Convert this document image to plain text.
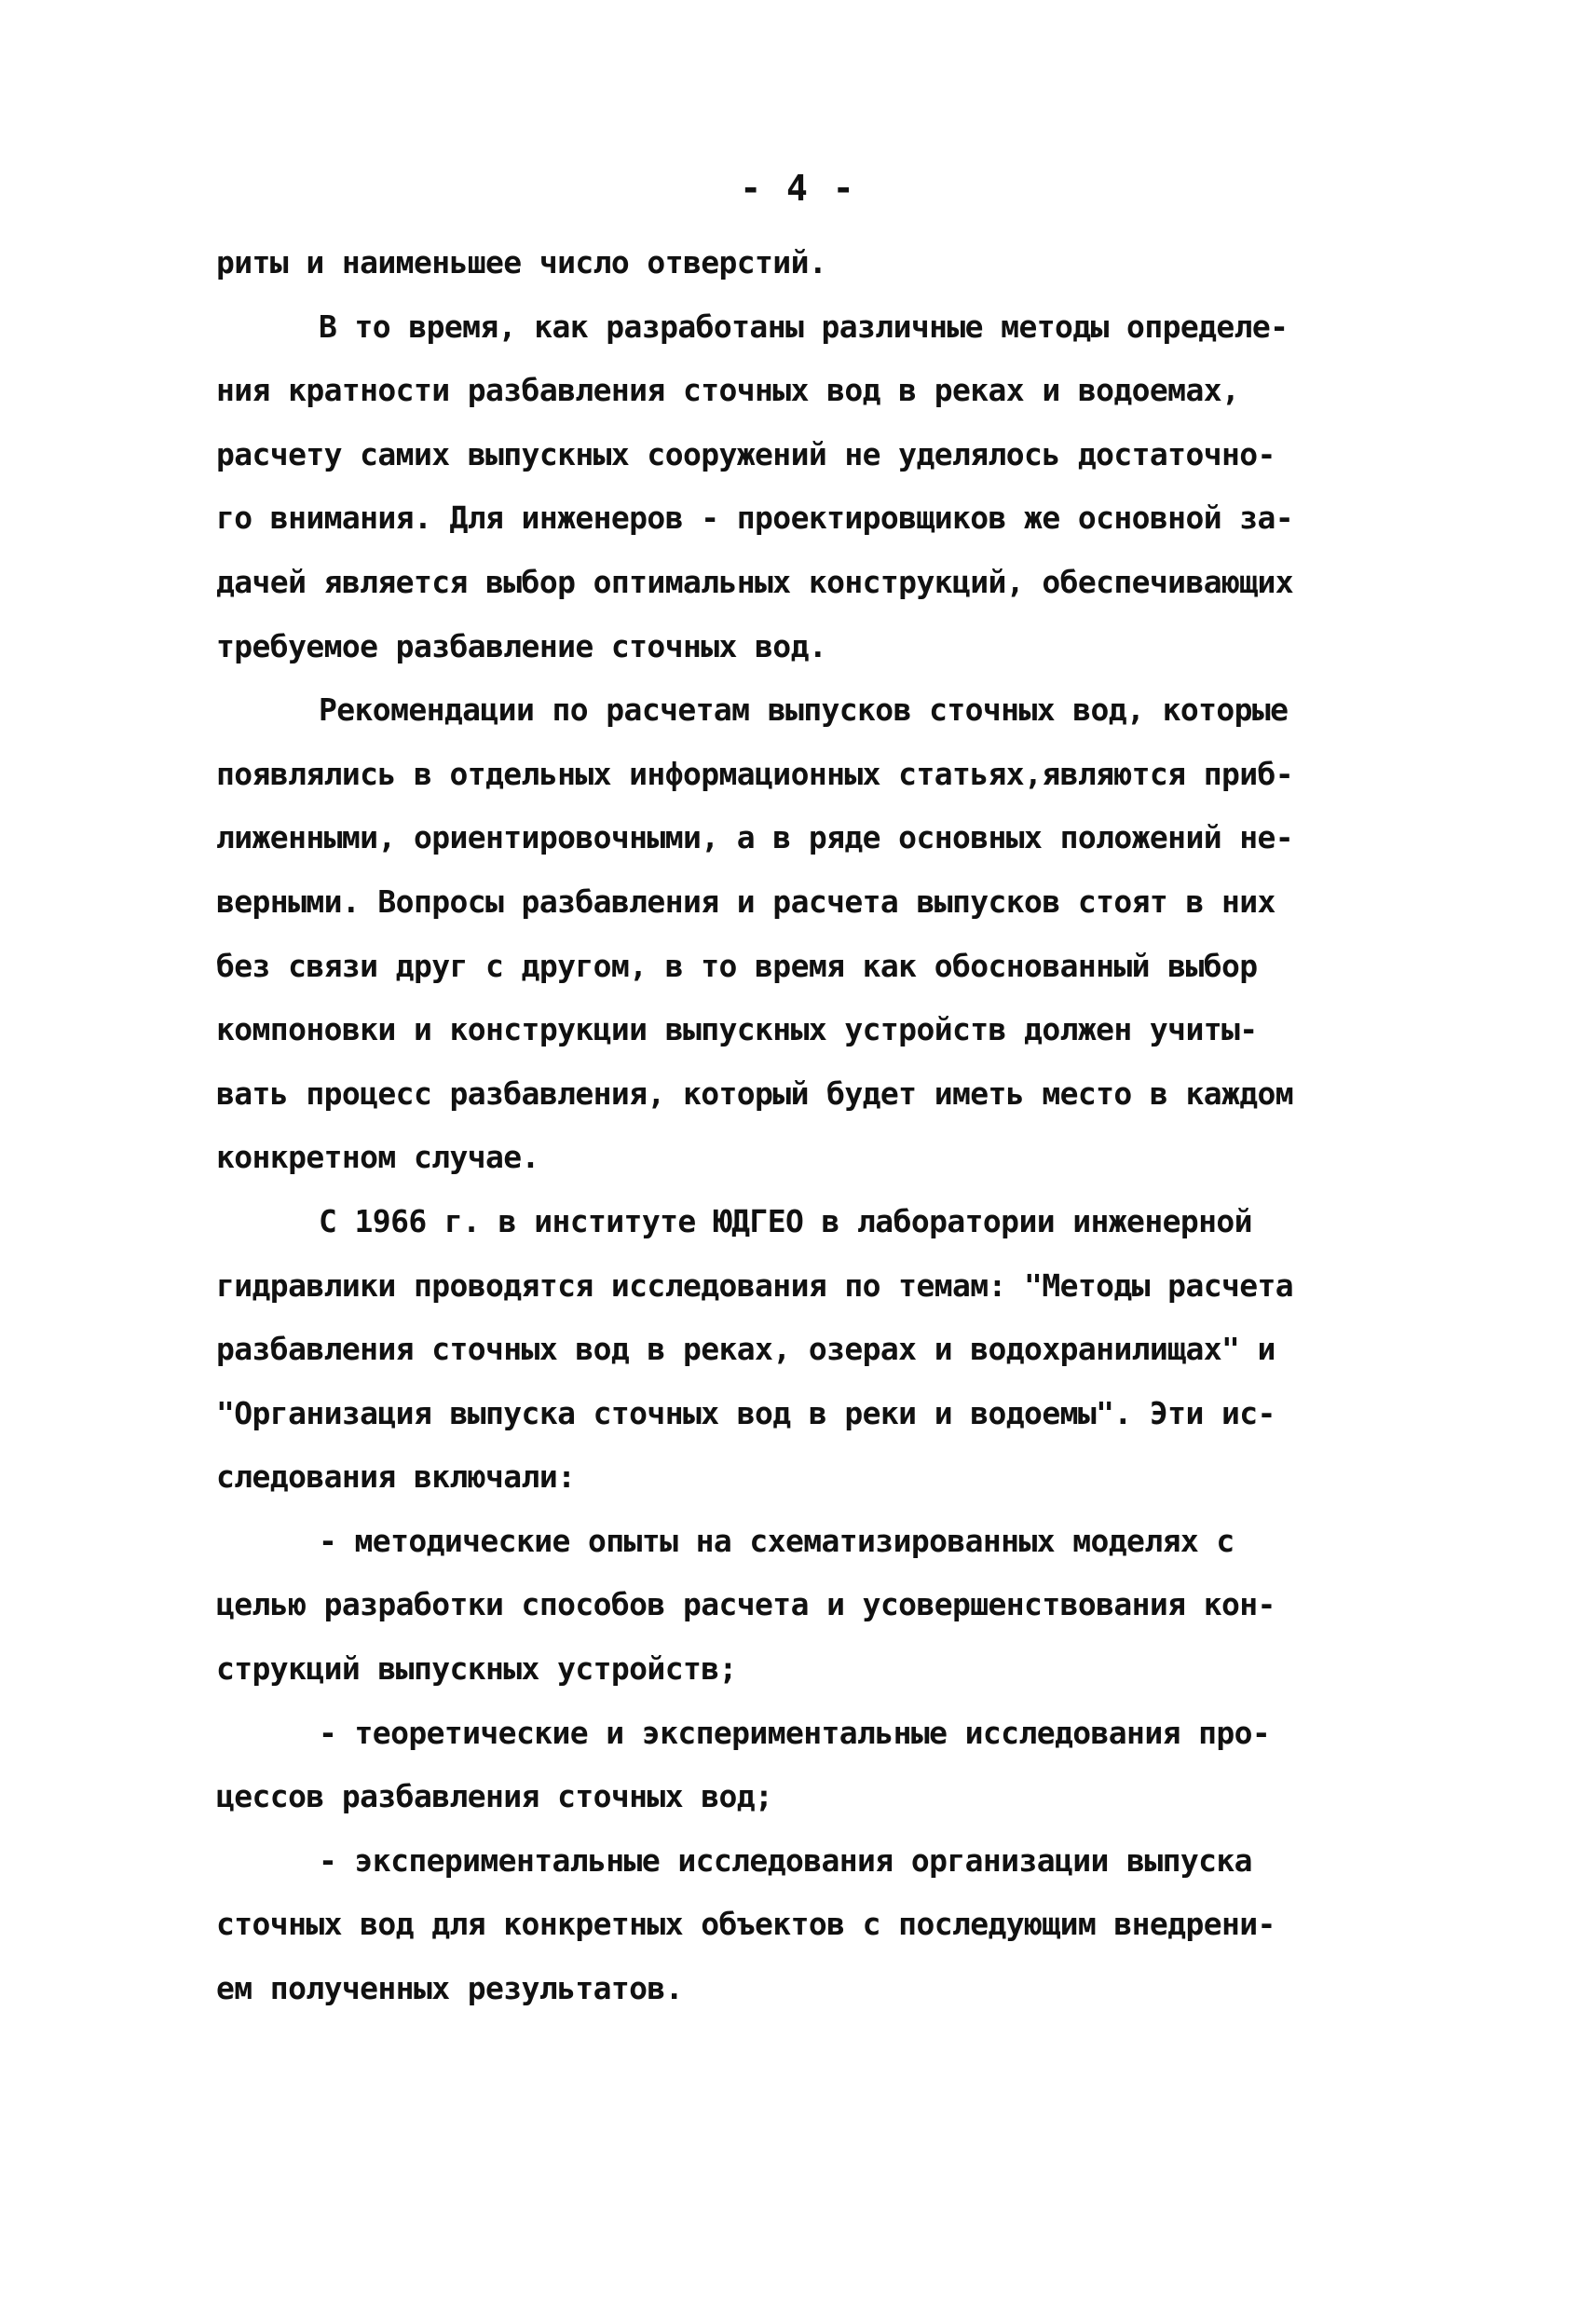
- 4 -
риты и наименьшее число отверстий.
В то время, как разработаны различные методы определе-
ния кратности разбавления сточных вод в реках и водоемах,
расчету самих выпускных сооружений не уделялось достаточно-
го внимания. Для инженеров - проектировщиков же основной за-
дачей является выбор оптимальных конструкций, обеспечивающих
требуемое разбавление сточных вод.
Рекомендации по расчетам выпусков сточных вод, которые
появлялись в отдельных информационных статьях,являются приб-
лиженными, ориентировочными, а в ряде основных положений не-
верными. Вопросы разбавления и расчета выпусков стоят в них
без связи друг с другом, в то время как обоснованный выбор
компоновки и конструкции выпускных устройств должен учиты-
вать процесс разбавления, который будет иметь место в каждом
конкретном случае.
С 1966 г. в институте ЮДГЕО в лаборатории инженерной
гидравлики проводятся исследования по темам: "Методы расчета
разбавления сточных вод в реках, озерах и водохранилищах" и
"Организация выпуска сточных вод в реки и водоемы". Эти ис-
следования включали:
- методические опыты на схематизированных моделях с
целью разработки способов расчета и усовершенствования кон-
струкций выпускных устройств;
- теоретические и экспериментальные исследования про-
цессов разбавления сточных вод;
- экспериментальные исследования организации выпуска
сточных вод для конкретных объектов с последующим внедрени-
ем полученных результатов.
